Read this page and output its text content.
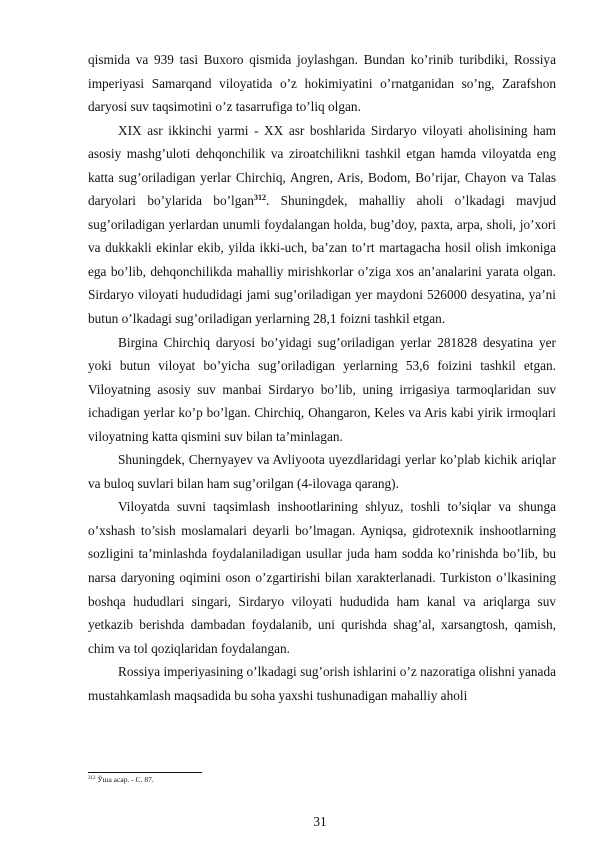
qismida va 939 tasi Buxoro qismida joylashgan. Bundan ko’rinib turibdiki, Rossiya imperiyasi Samarqand viloyatida o’z hokimiyatini o’rnatganidan so’ng, Zarafshon daryosi suv taqsimotini o’z tasarrufiga to’liq olgan.

XIX asr ikkinchi yarmi - XX asr boshlarida Sirdaryo viloyati aholisining ham asosiy mashg’uloti dehqonchilik va ziroatchilikni tashkil etgan hamda viloyatda eng katta sug’oriladigan yerlar Chirchiq, Angren, Aris, Bodom, Bo’rijar, Chayon va Talas daryolari bo’ylarida bo’lgan$^{312}$. Shuningdek, mahalliy aholi o’lkadagi mavjud sug’oriladigan yerlardan unumli foydalangan holda, bug’doy, paxta, arpa, sholi, jo’xori va dukkakli ekinlar ekib, yilda ikki-uch, ba’zan to’rt martagacha hosil olish imkoniga ega bo’lib, dehqonchilikda mahalliy mirishkorlar o’ziga xos an’analarini yarata olgan. Sirdaryo viloyati hududidagi jami sug’oriladigan yer maydoni 526000 desyatina, ya’ni butun o’lkadagi sug’oriladigan yerlarning 28,1 foizni tashkil etgan.

Birgina Chirchiq daryosi bo’yidagi sug’oriladigan yerlar 281828 desyatina yer yoki butun viloyat bo’yicha sug’oriladigan yerlarning 53,6 foizini tashkil etgan. Viloyatning asosiy suv manbai Sirdaryo bo’lib, uning irrigasiya tarmoqlaridan suv ichadigan yerlar ko’p bo’lgan. Chirchiq, Ohangaron, Keles va Aris kabi yirik irmoqlari viloyatning katta qismini suv bilan ta’minlagan.

Shuningdek, Chernyayev va Avliyoota uyezdlaridagi yerlar ko’plab kichik ariqlar va buloq suvlari bilan ham sug’orilgan (4-ilovaga qarang).

Viloyatda suvni taqsimlash inshootlarining shlyuz, toshli to’siqlar va shunga o’xshash to’sish moslamalari deyarli bo’lmagan. Ayniqsa, gidrotexnik inshootlarning sozligini ta’minlashda foydalaniladigan usullar juda ham sodda ko’rinishda bo’lib, bu narsa daryoning oqimini oson o’zgartirishi bilan xarakterlanadi. Turkiston o’lkasining boshqa hududlari singari, Sirdaryo viloyati hududida ham kanal va ariqlarga suv yetkazib berishda dambadan foydalanib, uni qurishda shag’al, xarsangtosh, qamish, chim va tol qoziqlaridan foydalangan.

Rossiya imperiyasining o’lkadagi sug’orish ishlarini o’z nazoratiga olishni yanada mustahkamlash maqsadida bu soha yaxshi tushunadigan mahalliy aholi

$^{312}$ Ўша асар. - С. 87.
31
